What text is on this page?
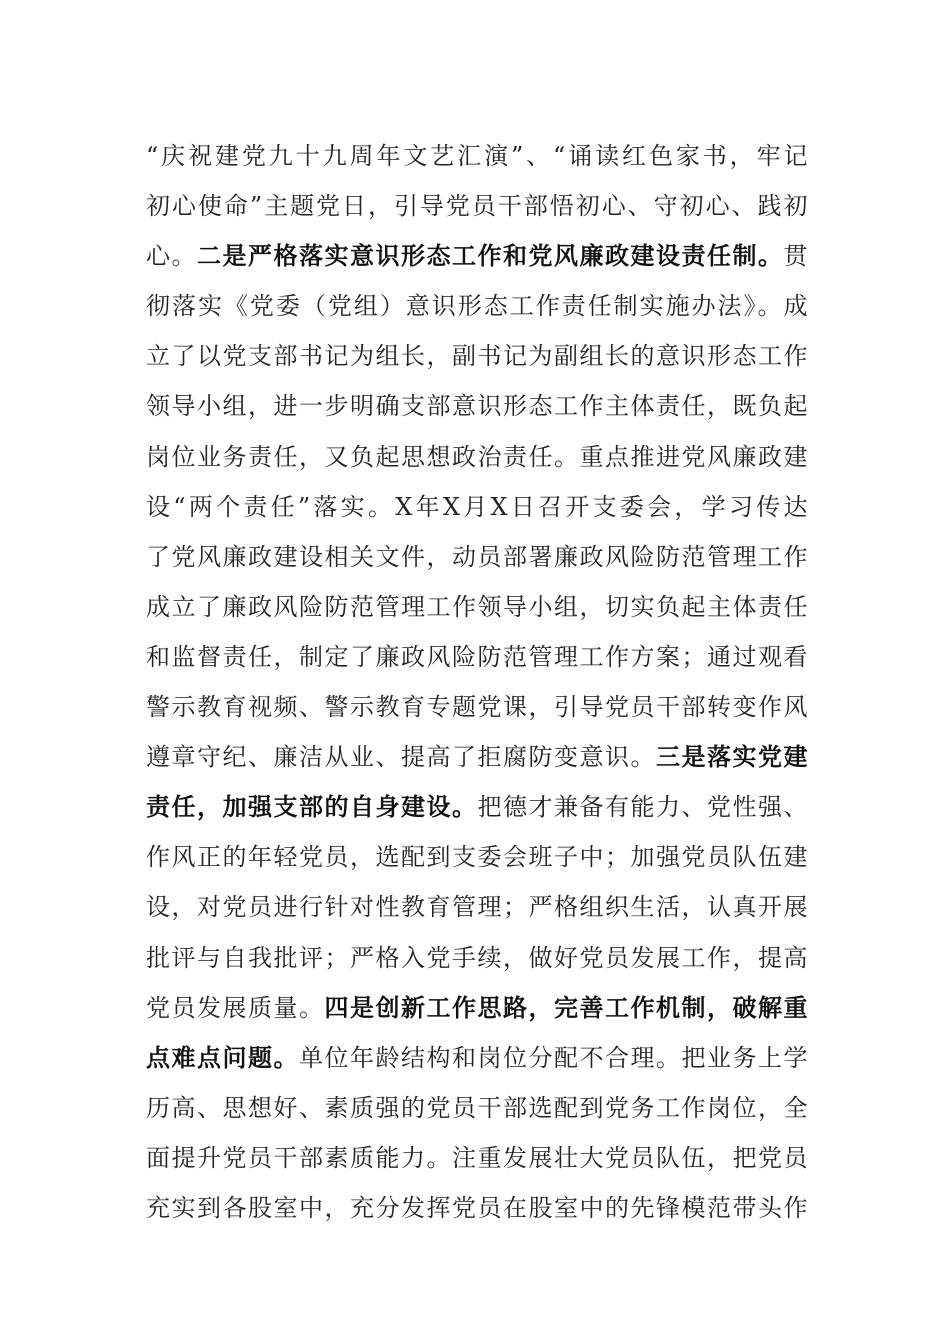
“庆祝建党九十九周年文艺汇演”、“诵读红色家书，牢记
初心使命”主题党日，引导党员干部悟初心、守初心、践初
心。二是严格落实意识形态工作和党风廉政建设责任制。贯
彻落实《党委（党组）意识形态工作责任制实施办法》。成
立了以党支部书记为组长，副书记为副组长的意识形态工作
领导小组，进一步明确支部意识形态工作主体责任，既负起
岗位业务责任，又负起思想政治责任。重点推进党风廉政建
设“两个责任”落实。X年X月X日召开支委会，学习传达
了党风廉政建设相关文件，动员部署廉政风险防范管理工作
成立了廉政风险防范管理工作领导小组，切实负起主体责任
和监督责任，制定了廉政风险防范管理工作方案；通过观看
警示教育视频、警示教育专题党课，引导党员干部转变作风
遵章守纪、廉洁从业、提高了拒腐防变意识。三是落实党建
责任，加强支部的自身建设。把德才兼备有能力、党性强、
作风正的年轻党员，选配到支委会班子中；加强党员队伍建
设，对党员进行针对性教育管理；严格组织生活，认真开展
批评与自我批评；严格入党手续，做好党员发展工作，提高
党员发展质量。四是创新工作思路，完善工作机制，破解重
点难点问题。单位年龄结构和岗位分配不合理。把业务上学
历高、思想好、素质强的党员干部选配到党务工作岗位，全
面提升党员干部素质能力。注重发展壮大党员队伍，把党员
充实到各股室中，充分发挥党员在股室中的先锋模范带头作
